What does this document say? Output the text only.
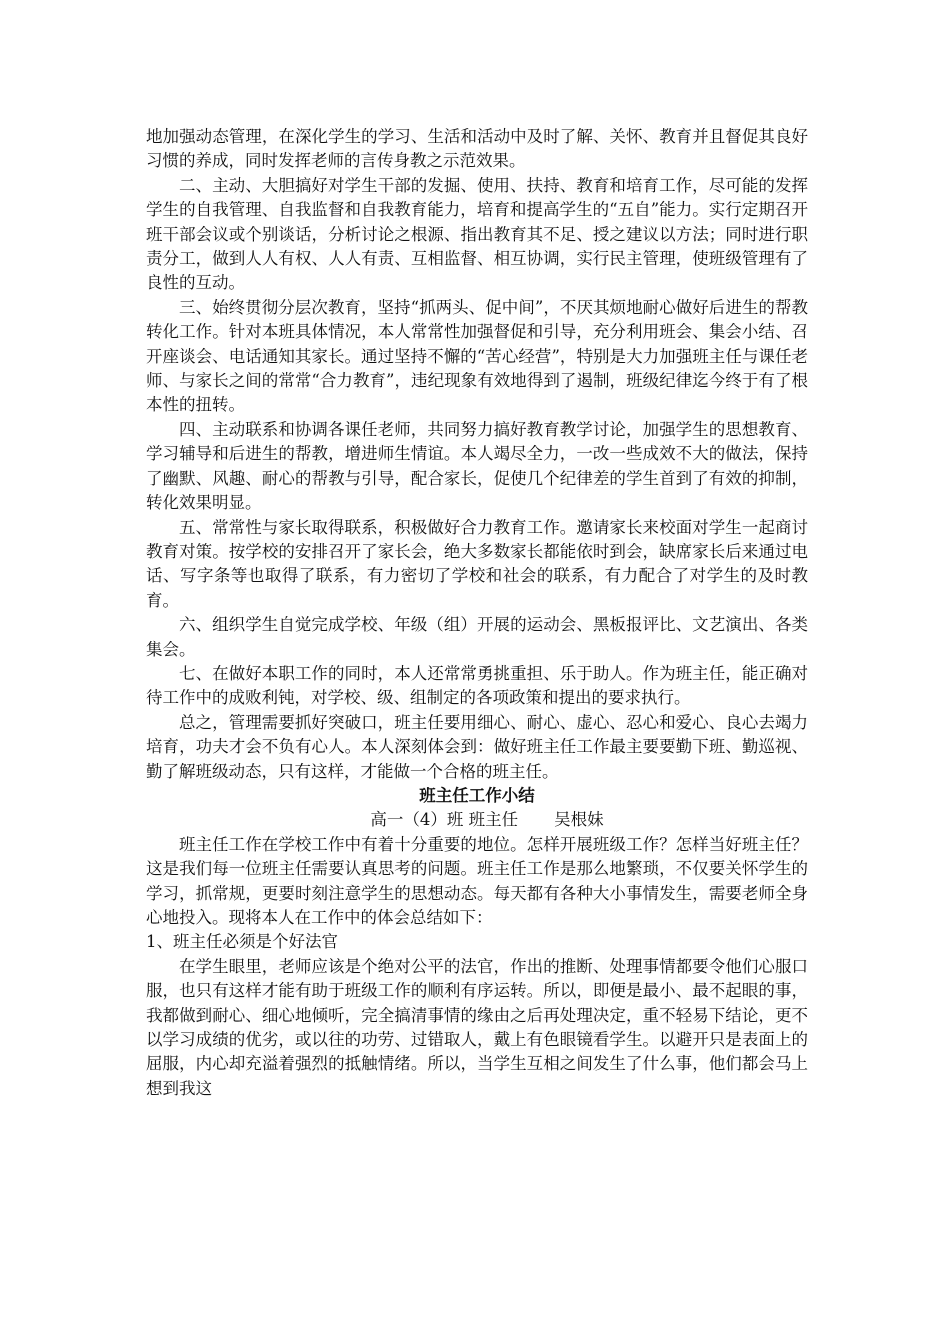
地加强动态管理，在深化学生的学习、生活和活动中及时了解、关怀、教育并且督促其良好习惯的养成，同时发挥老师的言传身教之示范效果。

二、主动、大胆搞好对学生干部的发掘、使用、扶持、教育和培育工作，尽可能的发挥学生的自我管理、自我监督和自我教育能力，培育和提高学生的“五自”能力。实行定期召开班干部会议或个别谈话，分析讨论之根源、指出教育其不足、授之建议以方法；同时进行职责分工，做到人人有权、人人有责、互相监督、相互协调，实行民主管理，使班级管理有了良性的互动。

三、始终贯彻分层次教育，坚持“抓两头、促中间”，不厌其烦地耐心做好后进生的帮教转化工作。针对本班具体情况，本人常常性加强督促和引导，充分利用班会、集会小结、召开座谈会、电话通知其家长。通过坚持不懈的“苦心经营”，特别是大力加强班主任与课任老师、与家长之间的常常“合力教育”，违纪现象有效地得到了遏制，班级纪律迄今终于有了根本性的扭转。

四、主动联系和协调各课任老师，共同努力搞好教育教学讨论，加强学生的思想教育、学习辅导和后进生的帮教，增进师生情谊。本人竭尽全力，一改一些成效不大的做法，保持了幽默、风趣、耐心的帮教与引导，配合家长，促使几个纪律差的学生首到了有效的抑制，转化效果明显。

五、常常性与家长取得联系，积极做好合力教育工作。邀请家长来校面对学生一起商讨教育对策。按学校的安排召开了家长会，绝大多数家长都能依时到会，缺席家长后来通过电话、写字条等也取得了联系，有力密切了学校和社会的联系，有力配合了对学生的及时教育。

六、组织学生自觉完成学校、年级（组）开展的运动会、黑板报评比、文艺演出、各类集会。

七、在做好本职工作的同时，本人还常常勇挑重担、乐于助人。作为班主任，能正确对待工作中的成败利钝，对学校、级、组制定的各项政策和提出的要求执行。

总之，管理需要抓好突破口，班主任要用细心、耐心、虚心、忍心和爱心、良心去竭力培育，功夫才会不负有心人。本人深刻体会到：做好班主任工作最主要要勤下班、勤巡视、勤了解班级动态，只有这样，才能做一个合格的班主任。

班主任工作小结

高一（4）班 班主任 吴根妹

班主任工作在学校工作中有着十分重要的地位。怎样开展班级工作？怎样当好班主任？这是我们每一位班主任需要认真思考的问题。班主任工作是那么地繁琐，不仅要关怀学生的学习，抓常规，更要时刻注意学生的思想动态。每天都有各种大小事情发生，需要老师全身心地投入。现将本人在工作中的体会总结如下：

1、班主任必须是个好法官

在学生眼里，老师应该是个绝对公平的法官，作出的推断、处理事情都要令他们心服口服，也只有这样才能有助于班级工作的顺利有序运转。所以，即便是最小、最不起眼的事，我都做到耐心、细心地倾听，完全搞清事情的缘由之后再处理决定，重不轻易下结论，更不以学习成绩的优劣，或以往的功劳、过错取人，戴上有色眼镜看学生。以避开只是表面上的屈服，内心却充溢着强烈的抵触情绪。所以，当学生互相之间发生了什么事，他们都会马上想到我这
